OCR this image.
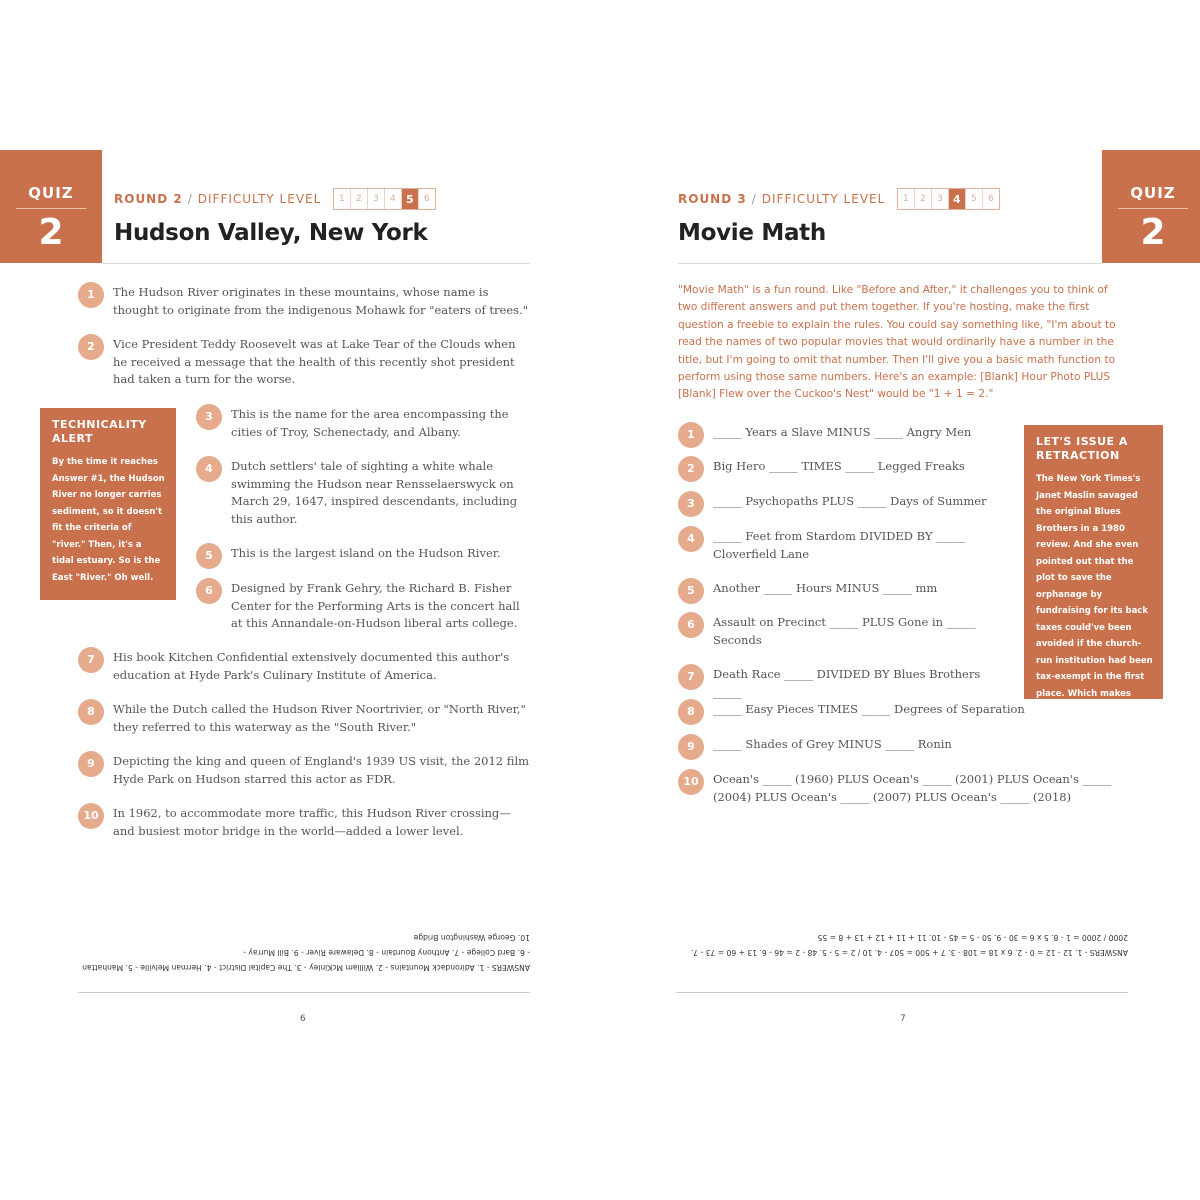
QUIZ
2
ROUND 2 / DIFFICULTY LEVEL	1	2	3	4 5	6
Hudson Valley, New York
1	The Hudson River originates in these mountains, whose name is thought to originate from the indigenous Mohawk for "eaters of trees."
2	Vice President Teddy Roosevelt was at Lake Tear of the Clouds when he received a message that the health of this recently shot president had taken a turn for the worse.
TECHNICALITY ALERT
By the time it reaches Answer #1, the Hudson River no longer carries sediment, so it doesn't fit the criteria of "river." Then, it's a tidal estuary. So is the East "River." Oh well.
3	This is the name for the area encompassing the cities of Troy, Schenectady, and Albany.
4	Dutch settlers' tale of sighting a white whale swimming the Hudson near Rensselaerswyck on March 29, 1647, inspired descendants, including this author.
5	This is the largest island on the Hudson River.
6	Designed by Frank Gehry, the Richard B. Fisher Center for the Performing Arts is the concert hall at this Annandale-on-Hudson liberal arts college.
7	His book Kitchen Confidential extensively documented this author's education at Hyde Park's Culinary Institute of America.
8	While the Dutch called the Hudson River Noortrivier, or "North River," they referred to this waterway as the "South River."
9	Depicting the king and queen of England's 1939 US visit, the 2012 film Hyde Park on Hudson starred this actor as FDR.
10	In 1962, to accommodate more traffic, this Hudson River crossing—and busiest motor bridge in the world—added a lower level.
ANSWERS - 1. Adirondack Mountains - 2. William McKinley - 3. The Capital District - 4. Herman Melville - 5. Manhattan - 6. Bard College - 7. Anthony Bourdain - 8. Delaware River - 9. Bill Murray -
10. George Washington Bridge
6
QUIZ
2
ROUND 3 / DIFFICULTY LEVEL	1	2	3 4	5	6
Movie Math
"Movie Math" is a fun round. Like "Before and After," it challenges you to think of two different answers and put them together. If you're hosting, make the first question a freebie to explain the rules. You could say something like, "I'm about to read the names of two popular movies that would ordinarily have a number in the title, but I'm going to omit that number. Then I'll give you a basic math function to perform using those same numbers. Here's an example: [Blank] Hour Photo PLUS [Blank] Flew over the Cuckoo's Nest" would be "1 + 1 = 2."
LET'S ISSUE A RETRACTION
The New York Times's Janet Maslin savaged the original Blues Brothers in a 1980 review. And she even pointed out that the plot to save the orphanage by fundraising for its back taxes could've been avoided if the church-run institution had been tax-exempt in the first place. Which makes sense.
1	_____ Years a Slave MINUS _____ Angry Men
2	Big Hero _____ TIMES _____ Legged Freaks
3	_____ Psychopaths PLUS _____ Days of Summer
4	_____ Feet from Stardom DIVIDED BY _____ Cloverfield Lane
5	Another _____ Hours MINUS _____ mm
6	Assault on Precinct _____ PLUS Gone in _____ Seconds
7	Death Race _____ DIVIDED BY Blues Brothers _____
8	_____ Easy Pieces TIMES _____ Degrees of Separation
9	_____ Shades of Grey MINUS _____ Ronin
10	Ocean's _____ (1960) PLUS Ocean's _____ (2001) PLUS Ocean's _____ (2004) PLUS Ocean's _____ (2007) PLUS Ocean's _____ (2018)
ANSWERS - 1. 12 - 12 = 0 - 2. 6 x 18 = 108 - 3. 7 + 500 = 507 - 4. 10 / 2 = 5 - 5. 48 - 2 = 46 - 6. 13 + 60 = 73 - 7. 2000 / 2000 = 1 - 8. 5 x 6 = 30 - 9. 50 - 5 = 45 - 10. 11 + 11 + 12 + 13 + 8 = 55
7
